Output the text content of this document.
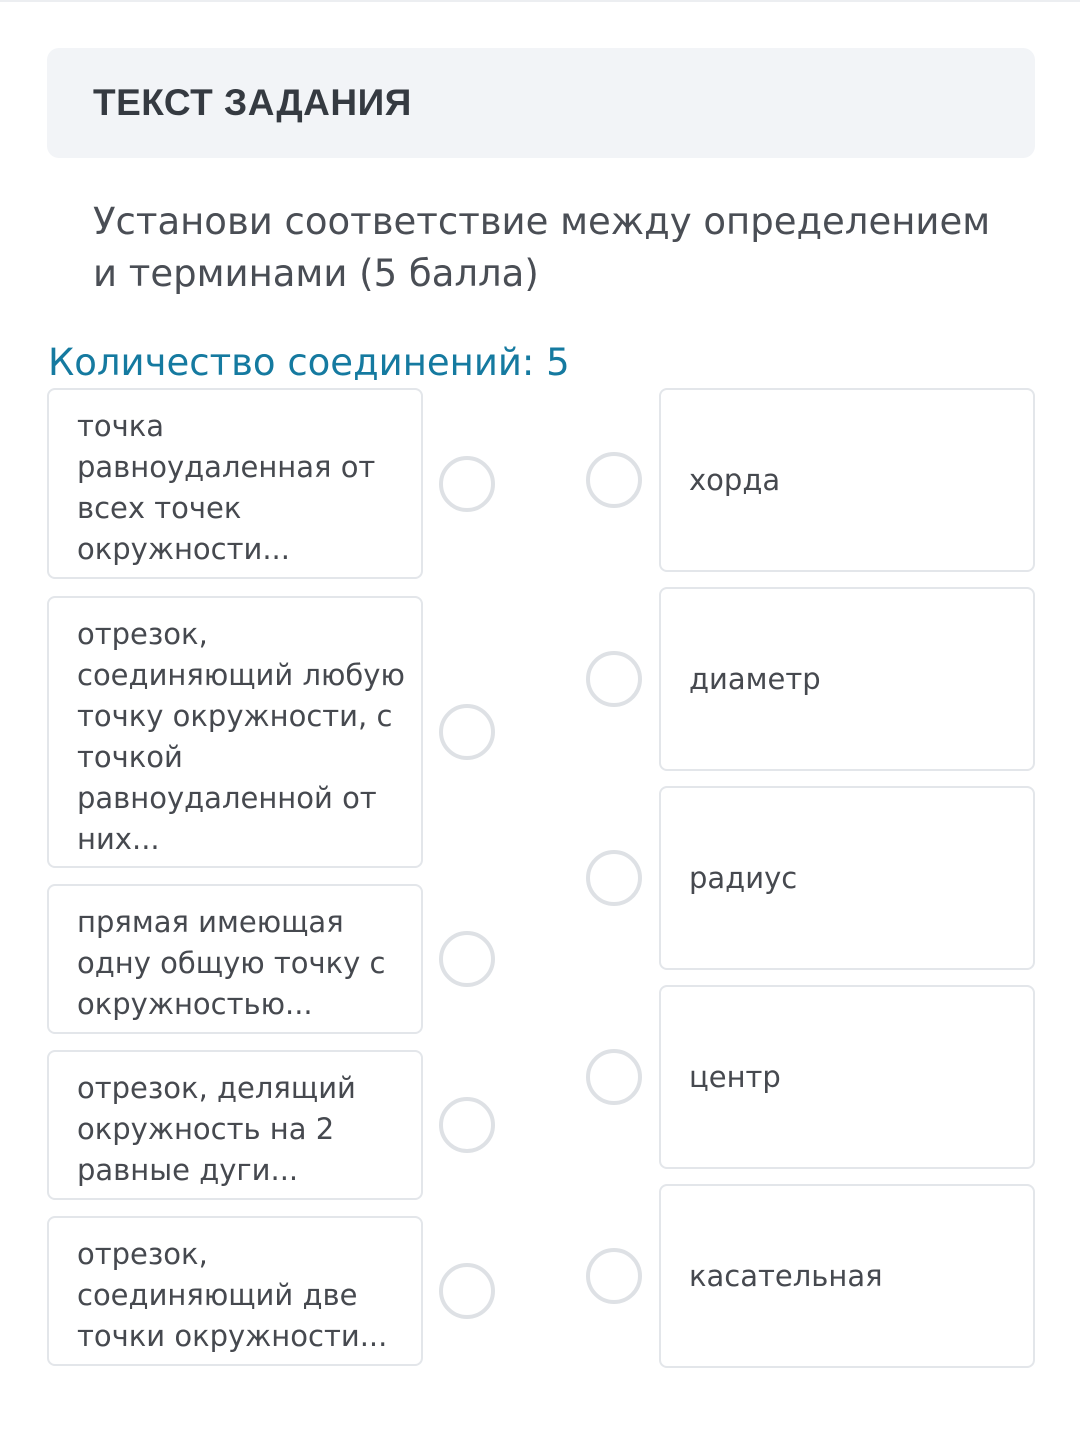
ТЕКСТ ЗАДАНИЯ
Установи соответствие между определением и терминами (5 балла)
Количество соединений: 5
точка равноудаленная от всех точек окружности...
отрезок, соединяющий любую точку окружности, с точкой равноудаленной от них...
прямая имеющая одну общую точку с окружностью...
отрезок, делящий окружность на 2 равные дуги...
отрезок, соединяющий две точки окружности...
хорда
диаметр
радиус
центр
касательная
